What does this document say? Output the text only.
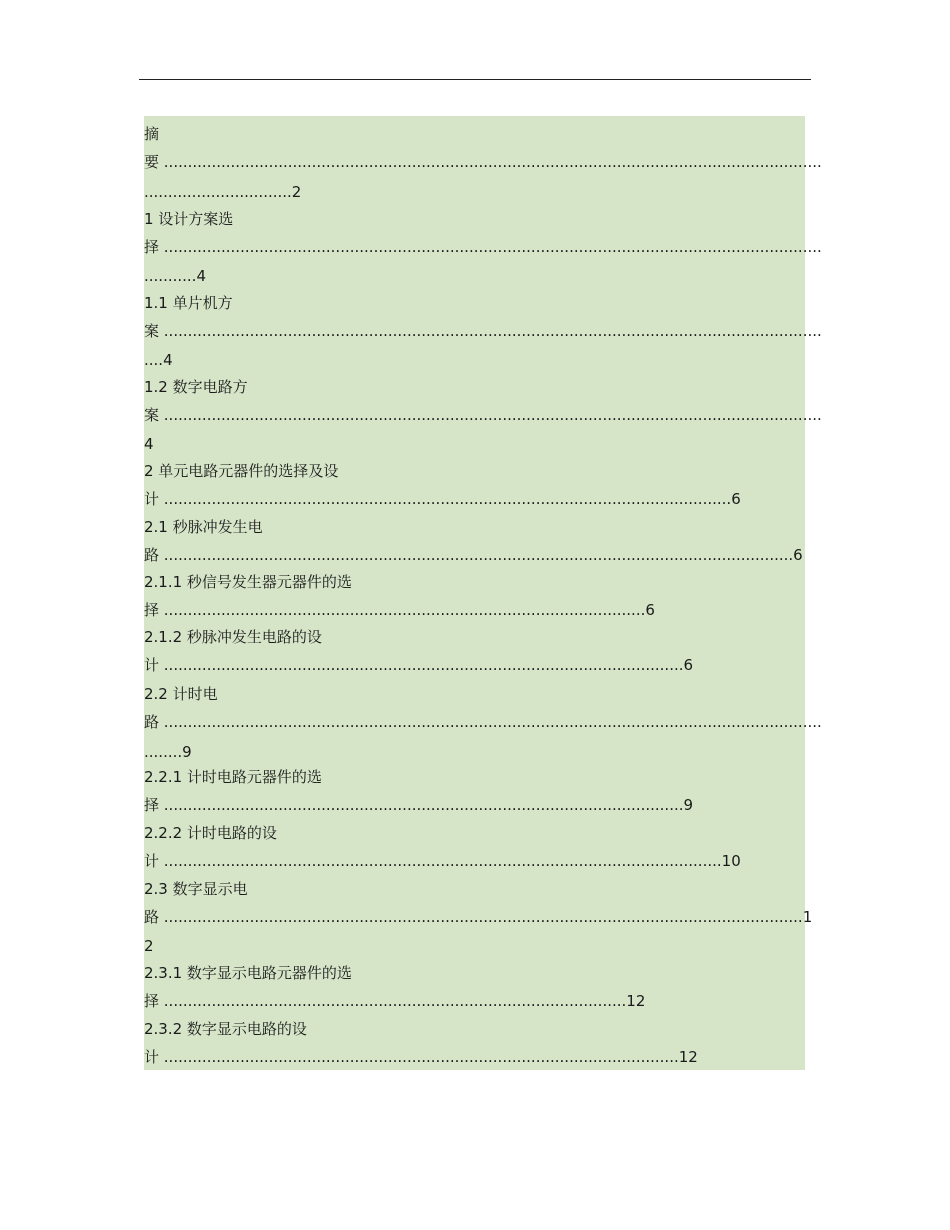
摘
要 ..........................................................................................................................................
...............................2
1 设计方案选
择 ..........................................................................................................................................
...........4
1.1 单片机方
案 ..........................................................................................................................................
....4
1.2 数字电路方
案 ..........................................................................................................................................
4
2 单元电路元器件的选择及设
计 .......................................................................................................................6
2.1 秒脉冲发生电
路 ....................................................................................................................................6
2.1.1 秒信号发生器元器件的选
择 .....................................................................................................6
2.1.2 秒脉冲发生电路的设
计 .............................................................................................................6
2.2 计时电
路 ..........................................................................................................................................
........9
2.2.1 计时电路元器件的选
择 .............................................................................................................9
2.2.2 计时电路的设
计 .....................................................................................................................10
2.3 数字显示电
路 ......................................................................................................................................1
2
2.3.1 数字显示电路元器件的选
择 .................................................................................................12
2.3.2 数字显示电路的设
计 ............................................................................................................12
